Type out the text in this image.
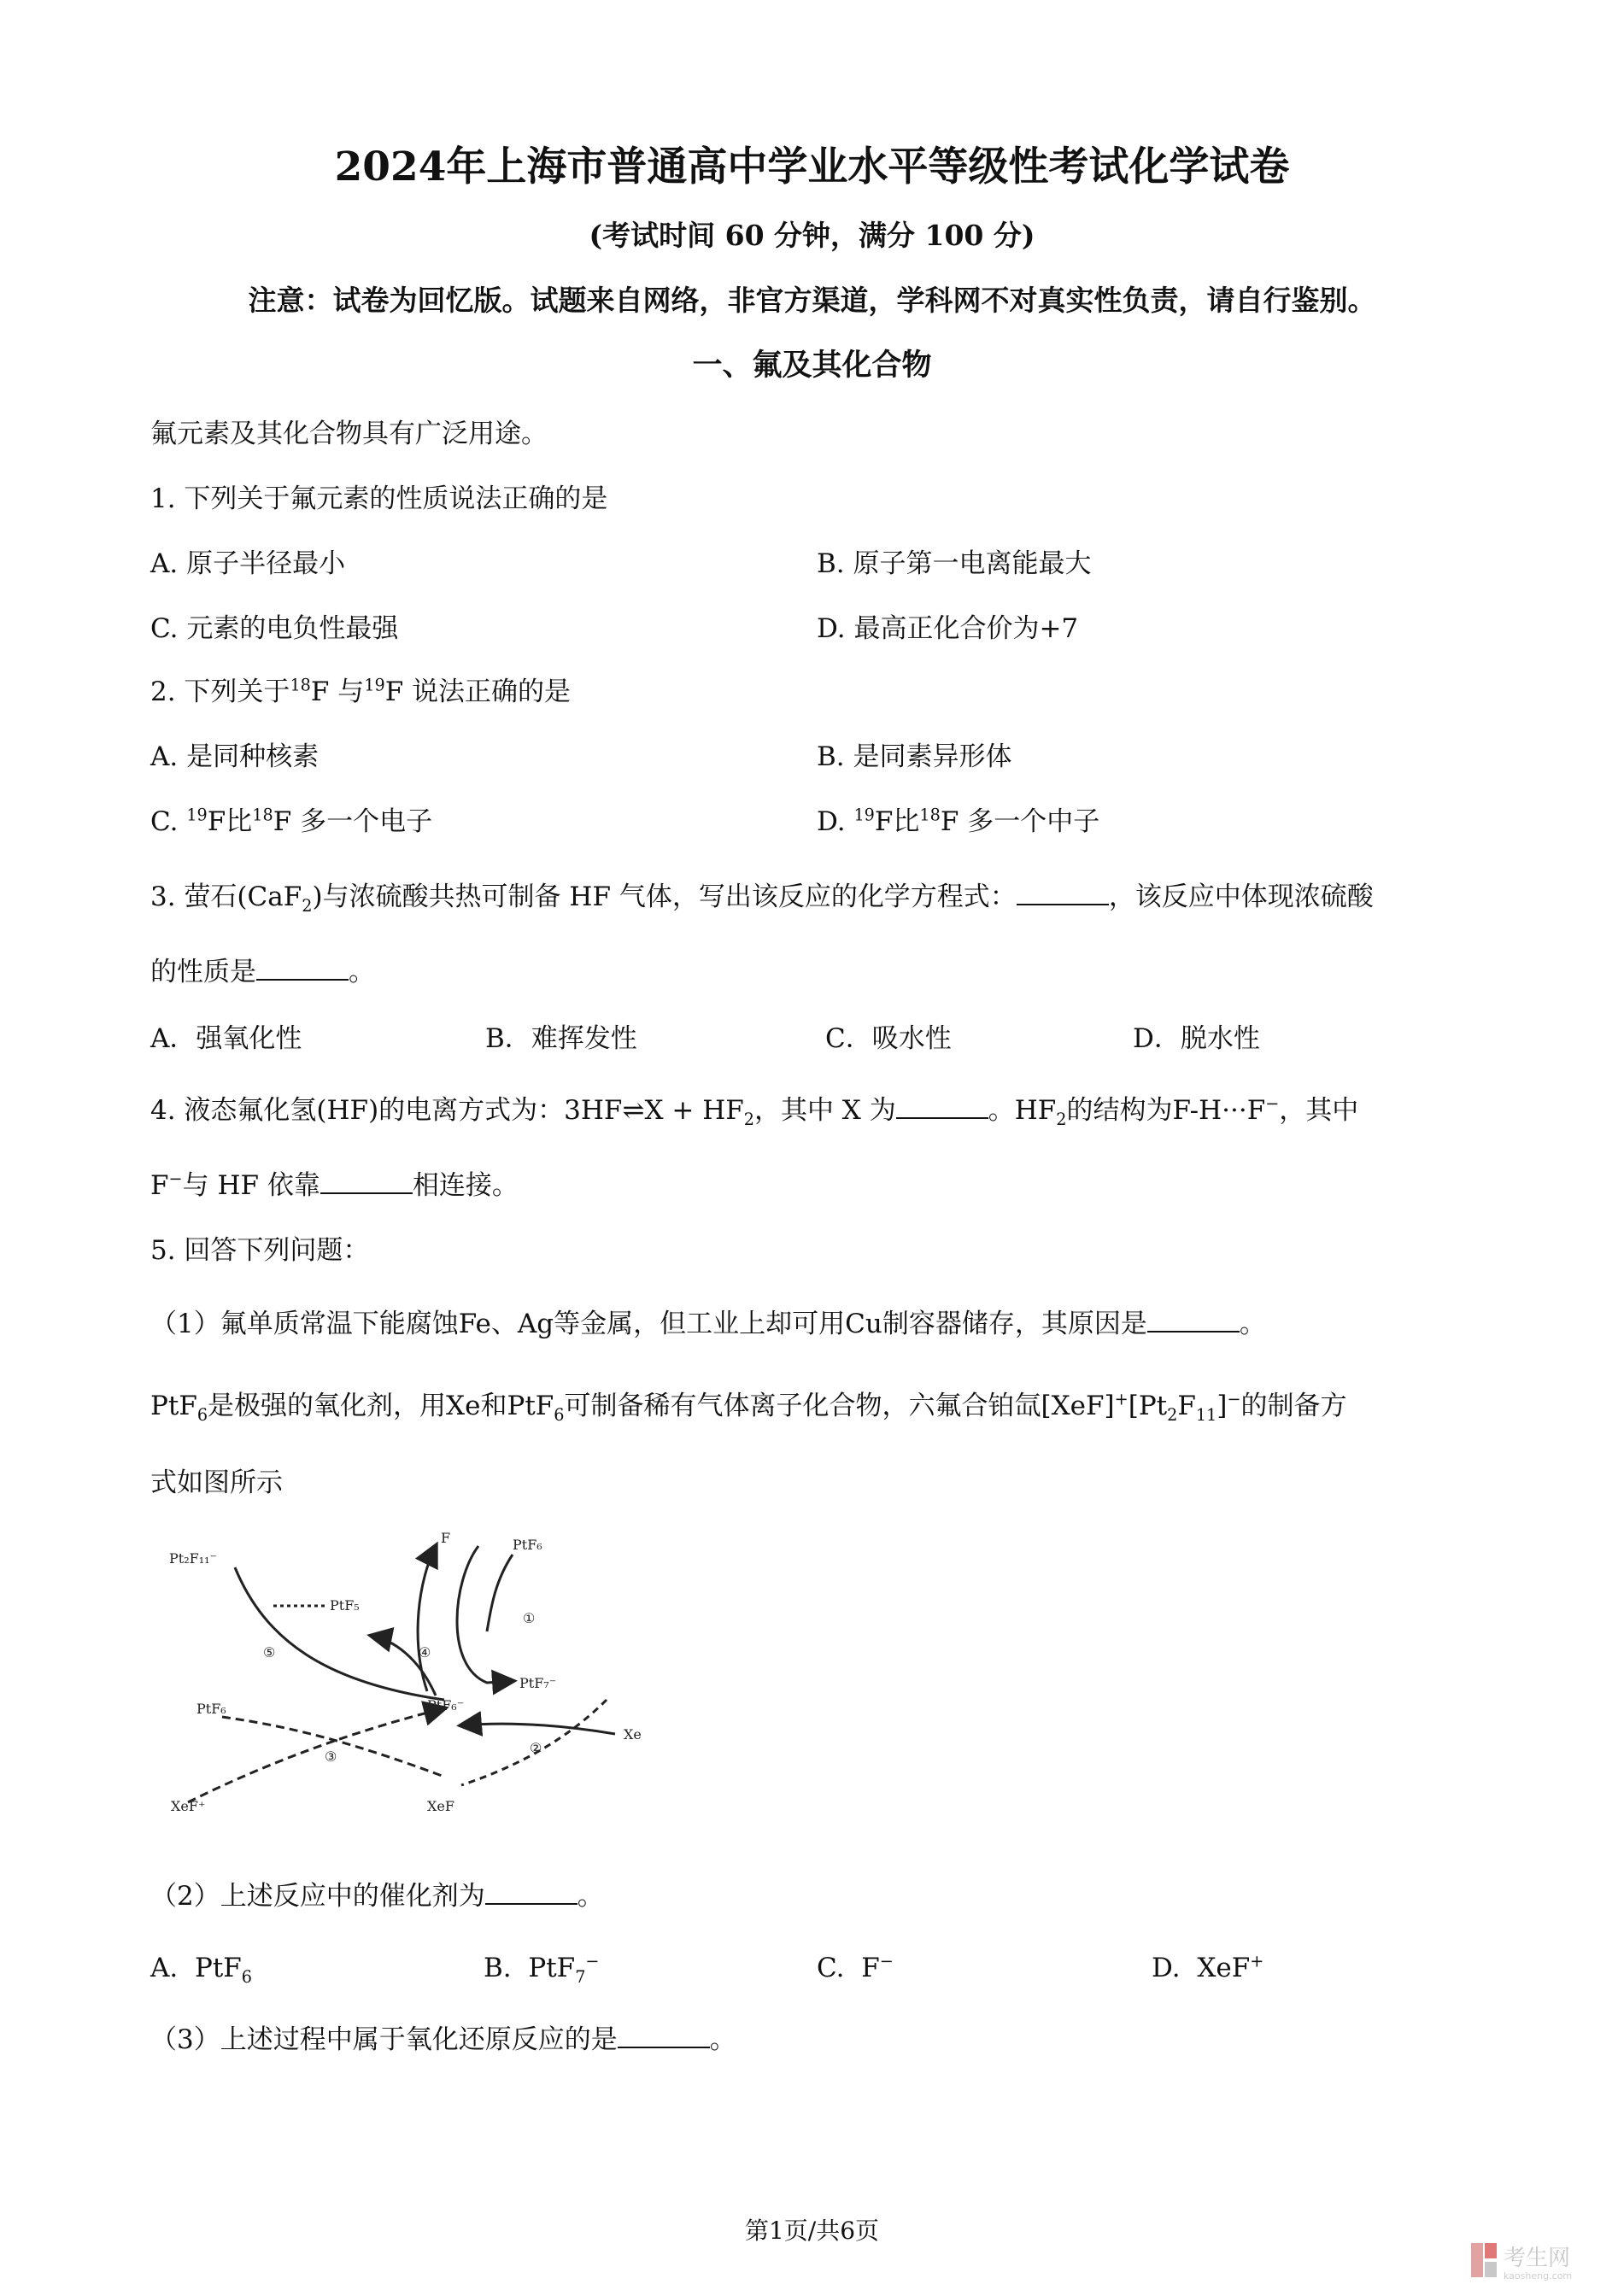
2024年上海市普通高中学业水平等级性考试化学试卷
(考试时间 60 分钟，满分 100 分)
注意：试卷为回忆版。试题来自网络，非官方渠道，学科网不对真实性负责，请自行鉴别。
一、氟及其化合物
氟元素及其化合物具有广泛用途。
1. 下列关于氟元素的性质说法正确的是
A. 原子半径最小	B. 原子第一电离能最大
C. 元素的电负性最强	D. 最高正化合价为+7
2. 下列关于$^{18}$F 与$^{19}$F 说法正确的是
A. 是同种核素	B. 是同素异形体
C. $^{19}$F比$^{18}$F 多一个电子	D. $^{19}$F比$^{18}$F 多一个中子
3. 萤石(CaF$_2$)与浓硫酸共热可制备 HF 气体，写出该反应的化学方程式：	，该反应中体现浓硫酸
的性质是	。
A．强氧化性	B．难挥发性	C．吸水性	D．脱水性
4. 液态氟化氢(HF)的电离方式为：3HF⇌X + $HF_2$，其中 X 为	。$HF_2$的结构为F-H···F−，其中
F−与 HF 依靠	相连接。
5. 回答下列问题：
（1）氟单质常温下能腐蚀Fe、Ag等金属，但工业上却可用Cu制容器储存，其原因是	。
PtF$_6$是极强的氧化剂，用Xe和PtF$_6$可制备稀有气体离子化合物，六氟合铂氙$[XeF]^+[Pt_2F_{11}]^-$的制备方
式如图所示
Pt₂F₁₁⁻
PtF₅
F	PtF₆
PtF₇⁻
PtF₆	PtF₆⁻
Xe
XeF⁺	XeF
①
②
③
④
⑤
（2）上述反应中的催化剂为	。
A. PtF$_6$	B. PtF$_7$−	C. F−	D. XeF+
（3）上述过程中属于氧化还原反应的是	。
第1页/共6页
考生网
kaosheng.com
